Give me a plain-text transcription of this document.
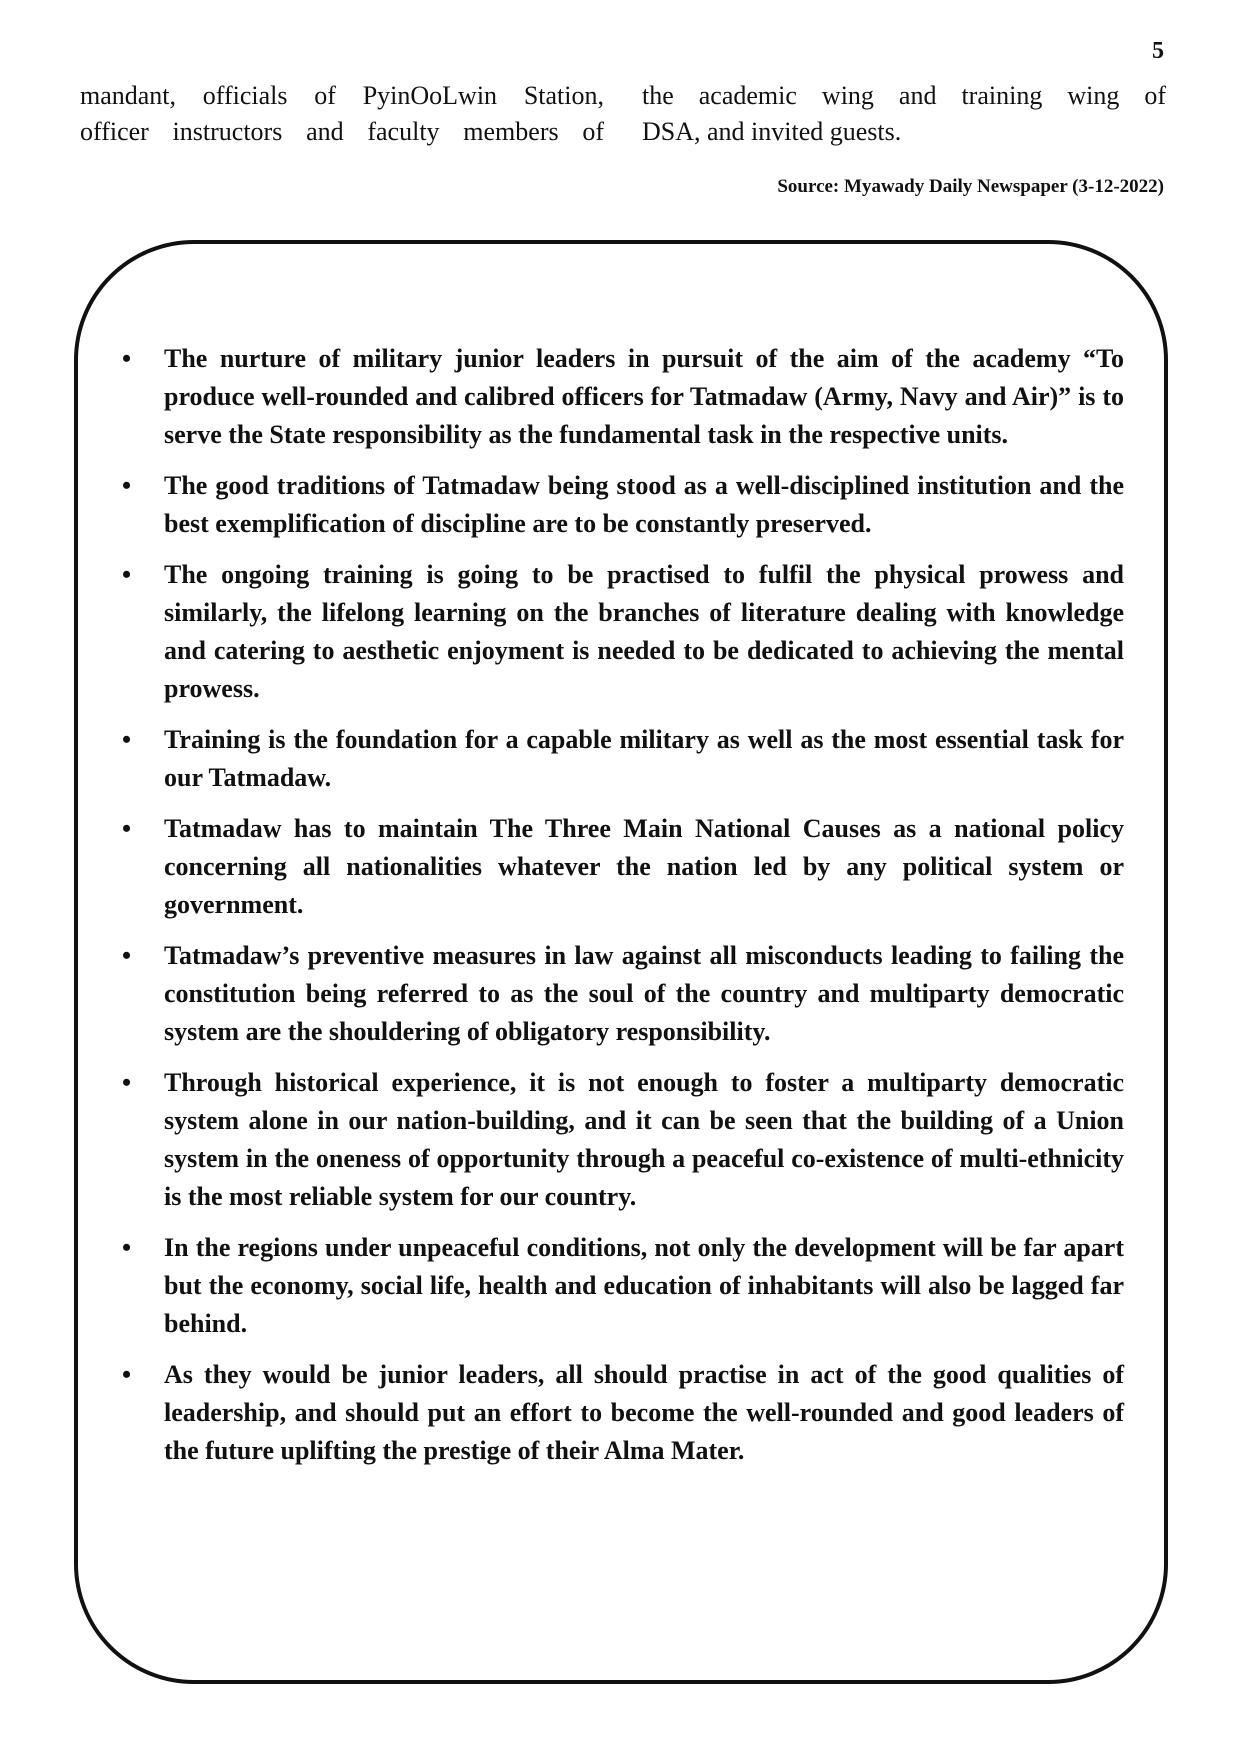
5
mandant, officials of PyinOoLwin Station,
officer instructors and faculty members of
the academic wing and training wing of
DSA, and invited guests.
Source: Myawady Daily Newspaper (3-12-2022)
• The nurture of military junior leaders in pursuit of the aim of the academy “To produce well-rounded and calibred officers for Tatmadaw (Army, Navy and Air)” is to serve the State responsibility as the fundamental task in the respective units.
• The good traditions of Tatmadaw being stood as a well-disciplined institution and the best exemplification of discipline are to be constantly preserved.
• The ongoing training is going to be practised to fulfil the physical prowess and similarly, the lifelong learning on the branches of literature dealing with knowledge and catering to aesthetic enjoyment is needed to be dedicated to achieving the mental prowess.
• Training is the foundation for a capable military as well as the most essential task for our Tatmadaw.
• Tatmadaw has to maintain The Three Main National Causes as a national policy concerning all nationalities whatever the nation led by any political system or government.
• Tatmadaw’s preventive measures in law against all misconducts leading to failing the constitution being referred to as the soul of the country and multiparty democratic system are the shouldering of obligatory responsibility.
• Through historical experience, it is not enough to foster a multiparty democratic system alone in our nation-building, and it can be seen that the building of a Union system in the oneness of opportunity through a peaceful co-existence of multi-ethnicity is the most reliable system for our country.
• In the regions under unpeaceful conditions, not only the development will be far apart but the economy, social life, health and education of inhabitants will also be lagged far behind.
• As they would be junior leaders, all should practise in act of the good qualities of leadership, and should put an effort to become the well-rounded and good leaders of the future uplifting the prestige of their Alma Mater.
